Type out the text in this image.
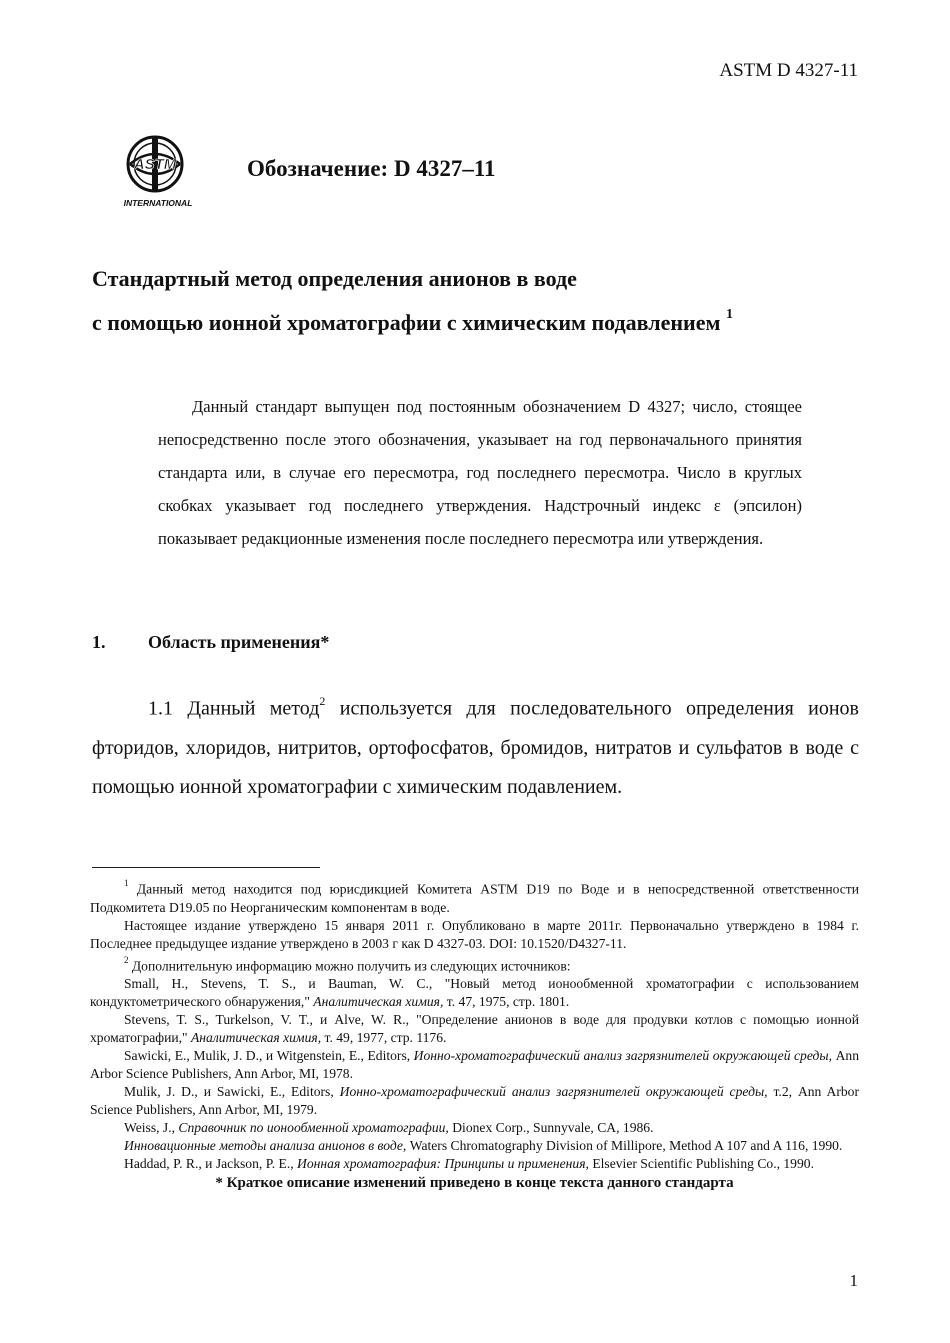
ASTM D 4327-11
ASTM
INTERNATIONAL
Обозначение: D 4327–11
Стандартный метод определения анионов в воде
с помощью ионной хроматографии с химическим подавлением $^1$
Данный стандарт выпущен под постоянным обозначением D 4327; число, стоящее непосредственно после этого обозначения, указывает на год первоначального принятия стандарта или, в случае его пересмотра, год последнего пересмотра. Число в круглых скобках указывает год последнего утверждения. Надстрочный индекс ε (эпсилон) показывает редакционные изменения после последнего пересмотра или утверждения.
1. Область применения*
1.1 Данный метод$^2$ используется для последовательного определения ионов фторидов, хлоридов, нитритов, ортофосфатов, бромидов, нитратов и сульфатов в воде с помощью ионной хроматографии с химическим подавлением.

$^1$ Данный метод находится под юрисдикцией Комитета ASTM D19 по Воде и в непосредственной ответственности Подкомитета D19.05 по Неорганическим компонентам в воде.

Настоящее издание утверждено 15 января 2011 г. Опубликовано в марте 2011г. Первоначально утверждено в 1984 г. Последнее предыдущее издание утверждено в 2003 г как D 4327-03. DOI: 10.1520/D4327-11.

$^2$ Дополнительную информацию можно получить из следующих источников:

Small, H., Stevens, T. S., и Bauman, W. C., "Новый метод ионообменной хроматографии с использованием кондуктометрического обнаружения," Аналитическая химия, т. 47, 1975, стр. 1801.

Stevens, T. S., Turkelson, V. T., и Alve, W. R., "Определение анионов в воде для продувки котлов с помощью ионной хроматографии," Аналитическая химия, т. 49, 1977, стр. 1176.

Sawicki, E., Mulik, J. D., и Witgenstein, E., Editors, Ионно-хроматографический анализ загрязнителей окружающей среды, Ann Arbor Science Publishers, Ann Arbor, MI, 1978.

Mulik, J. D., и Sawicki, E., Editors, Ионно-хроматографический анализ загрязнителей окружающей среды, т.2, Ann Arbor Science Publishers, Ann Arbor, MI, 1979.

Weiss, J., Справочник по ионообменной хроматографии, Dionex Corp., Sunnyvale, CA, 1986.

Инновационные методы анализа анионов в воде, Waters Chromatography Division of Millipore, Method A 107 and A 116, 1990.

Haddad, P. R., и Jackson, P. E., Ионная хроматография: Принципы и применения, Elsevier Scientific Publishing Co., 1990.

* Краткое описание изменений приведено в конце текста данного стандарта

1
